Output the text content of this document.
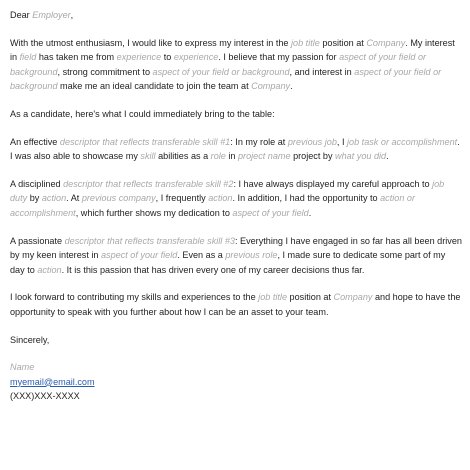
Dear Employer,

With the utmost enthusiasm, I would like to express my interest in the job title position at Company. My interest in field has taken me from experience to experience. I believe that my passion for aspect of your field or background, strong commitment to aspect of your field or background, and interest in aspect of your field or background make me an ideal candidate to join the team at Company.

As a candidate, here's what I could immediately bring to the table:

An effective descriptor that reflects transferable skill #1: In my role at previous job, I job task or accomplishment. I was also able to showcase my skill abilities as a role in project name project by what you did.

A disciplined descriptor that reflects transferable skill #2: I have always displayed my careful approach to job duty by action. At previous company, I frequently action. In addition, I had the opportunity to action or accomplishment, which further shows my dedication to aspect of your field.

A passionate descriptor that reflects transferable skill #3: Everything I have engaged in so far has all been driven by my keen interest in aspect of your field. Even as a previous role, I made sure to dedicate some part of my day to action. It is this passion that has driven every one of my career decisions thus far.

I look forward to contributing my skills and experiences to the job title position at Company and hope to have the opportunity to speak with you further about how I can be an asset to your team.

Sincerely,

Name

myemail@email.com

(XXX)XXX-XXXX
